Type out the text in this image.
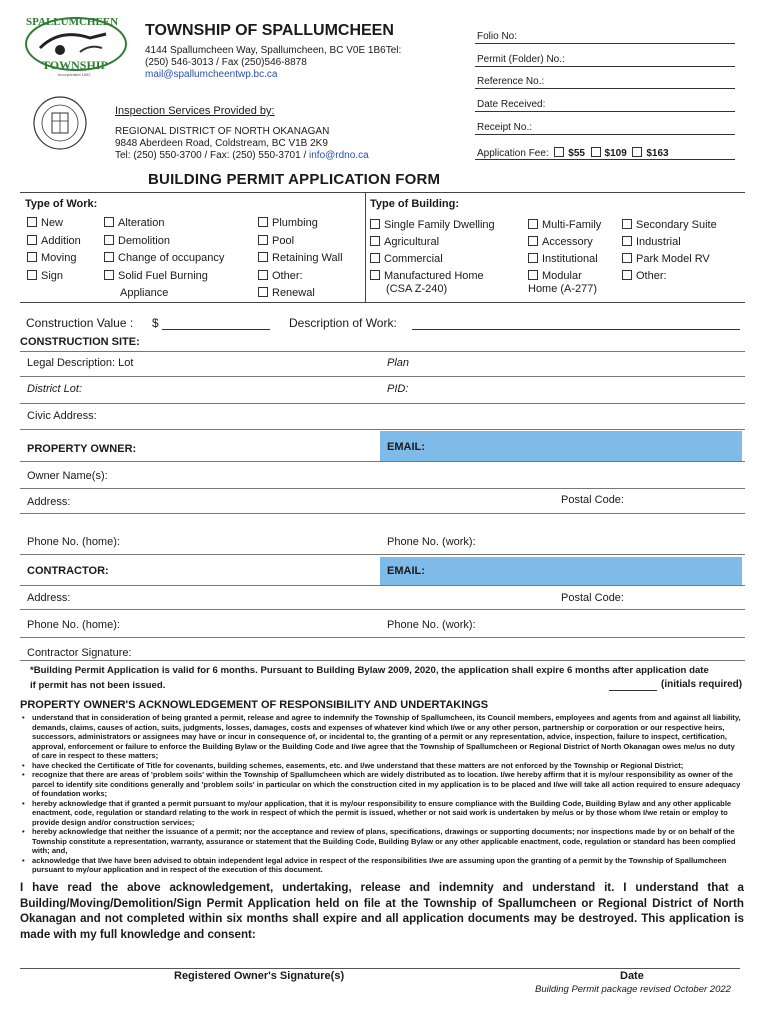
SPALLUMCHEEN
TOWNSHIP
Incorporated 1892
TOWNSHIP OF SPALLUMCHEEN
4144 Spallumcheen Way, Spallumcheen, BC V0E 1B6Tel:
(250) 546-3013 / Fax (250)546-8878
mail@spallumcheentwp.bc.ca
Inspection Services Provided by:
REGIONAL DISTRICT OF NORTH OKANAGAN
9848 Aberdeen Road, Coldstream, BC V1B 2K9
Tel: (250) 550-3700 / Fax: (250) 550-3701 / info@rdno.ca
Folio No:
Permit (Folder) No.:
Reference No.:
Date Received:
Receipt No.:
Application Fee: $55 $109 $163
BUILDING PERMIT APPLICATION FORM
Type of Work:
New
Addition
Moving
Sign
Alteration
Demolition
Change of occupancy
Solid Fuel Burning
Appliance
Plumbing
Pool
Retaining Wall
Other:
Renewal
Type of Building:
Single Family Dwelling
Agricultural
Commercial
Manufactured Home
(CSA Z-240)
Multi-Family
Accessory
Institutional
Modular
Home (A-277)
Secondary Suite
Industrial
Park Model RV
Other:
Construction Value : $	Description of Work:
CONSTRUCTION SITE:
Legal Description: Lot	Plan
District Lot:	PID:
Civic Address:
PROPERTY OWNER:	EMAIL:
Owner Name(s):
Address:	Postal Code:
Phone No. (home):	Phone No. (work):
CONTRACTOR:	EMAIL:
Address:	Postal Code:
Phone No. (home):	Phone No. (work):
Contractor Signature:
*Building Permit Application is valid for 6 months. Pursuant to Building Bylaw 2009, 2020, the application shall expire 6 months after application date
if permit has not been issued.	(initials required)
PROPERTY OWNER'S ACKNOWLEDGEMENT OF RESPONSIBILITY AND UNDERTAKINGS
• understand that in consideration of being granted a permit, release and agree to indemnify the Township of Spallumcheen, its Council members, employees and agents from and against all liability, demands, claims, causes of action, suits, judgments, losses, damages, costs and expenses of whatever kind which I/we or any other person, partnership or corporation or our respective heirs, successors, administrators or assignees may have or incur in consequence of, or incidental to, the granting of a permit or any representation, advice, inspection, failure to inspect, certification, approval, enforcement or failure to enforce the Building Bylaw or the Building Code and I/we agree that the Township of Spallumcheen or Regional District of North Okanagan owes me/us no duty of care in respect to these matters;
• have checked the Certificate of Title for covenants, building schemes, easements, etc. and I/we understand that these matters are not enforced by the Township or Regional District;
• recognize that there are areas of 'problem soils' within the Township of Spallumcheen which are widely distributed as to location. I/we hereby affirm that it is my/our responsibility as owner of the parcel to identify site conditions generally and 'problem soils' in particular on which the construction cited in my application is to be placed and I/we will take all action required to ensure adequacy of foundation works;
• hereby acknowledge that if granted a permit pursuant to my/our application, that it is my/our responsibility to ensure compliance with the Building Code, Building Bylaw and any other applicable enactment, code, regulation or standard relating to the work in respect of which the permit is issued, whether or not said work is undertaken by me/us or by those whom I/we retain or employ to provide design and/or construction services;
• hereby acknowledge that neither the issuance of a permit; nor the acceptance and review of plans, specifications, drawings or supporting documents; nor inspections made by or on behalf of the Township constitute a representation, warranty, assurance or statement that the Building Code, Building Bylaw or any other applicable enactment, code, regulation or standard has been complied with; and,
• acknowledge that I/we have been advised to obtain independent legal advice in respect of the responsibilities I/we are assuming upon the granting of a permit by the Township of Spallumcheen pursuant to my/our application and in respect of the execution of this document.
I have read the above acknowledgement, undertaking, release and indemnity and understand it. I understand that a Building/Moving/Demolition/Sign Permit Application held on file at the Township of Spallumcheen or Regional District of North Okanagan and not completed within six months shall expire and all application documents may be destroyed. This application is made with my full knowledge and consent:
Registered Owner's Signature(s)	Date
Building Permit package revised October 2022
